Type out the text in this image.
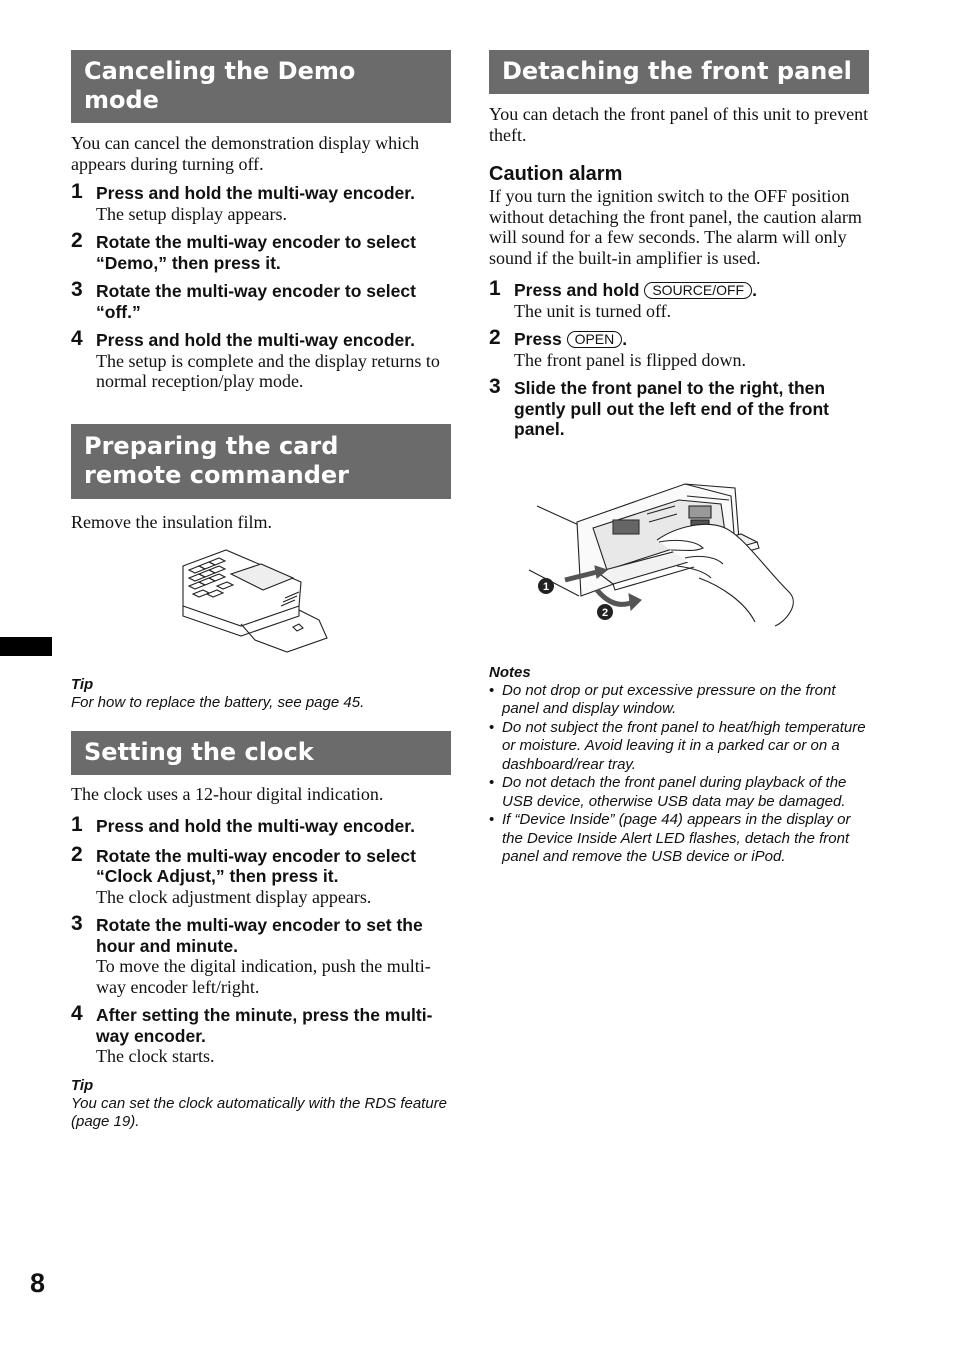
Canceling the Demo mode

You can cancel the demonstration display which appears during turning off.

1 Press and hold the multi-way encoder.

The setup display appears.

2 Rotate the multi-way encoder to select “Demo,” then press it.

3 Rotate the multi-way encoder to select “off.”

4 Press and hold the multi-way encoder.

The setup is complete and the display returns to normal reception/play mode.

Preparing the card remote commander

Remove the insulation film.

Tip

For how to replace the battery, see page 45.

Setting the clock

The clock uses a 12-hour digital indication.

1 Press and hold the multi-way encoder.

2 Rotate the multi-way encoder to select “Clock Adjust,” then press it.

The clock adjustment display appears.

3 Rotate the multi-way encoder to set the hour and minute.

To move the digital indication, push the multi-way encoder left/right.

4 After setting the minute, press the multi-way encoder.

The clock starts.

Tip

You can set the clock automatically with the RDS feature (page 19).

Detaching the front panel

You can detach the front panel of this unit to prevent theft.

Caution alarm

If you turn the ignition switch to the OFF position without detaching the front panel, the caution alarm will sound for a few seconds. The alarm will only sound if the built-in amplifier is used.

1 Press and hold SOURCE/OFF .

The unit is turned off.

2 Press OPEN .

The front panel is flipped down.

3 Slide the front panel to the right, then gently pull out the left end of the front panel.

1
2

Notes

• Do not drop or put excessive pressure on the front panel and display window.

• Do not subject the front panel to heat/high temperature or moisture. Avoid leaving it in a parked car or on a dashboard/rear tray.

• Do not detach the front panel during playback of the USB device, otherwise USB data may be damaged.

• If “Device Inside” (page 44) appears in the display or the Device Inside Alert LED flashes, detach the front panel and remove the USB device or iPod.

8
